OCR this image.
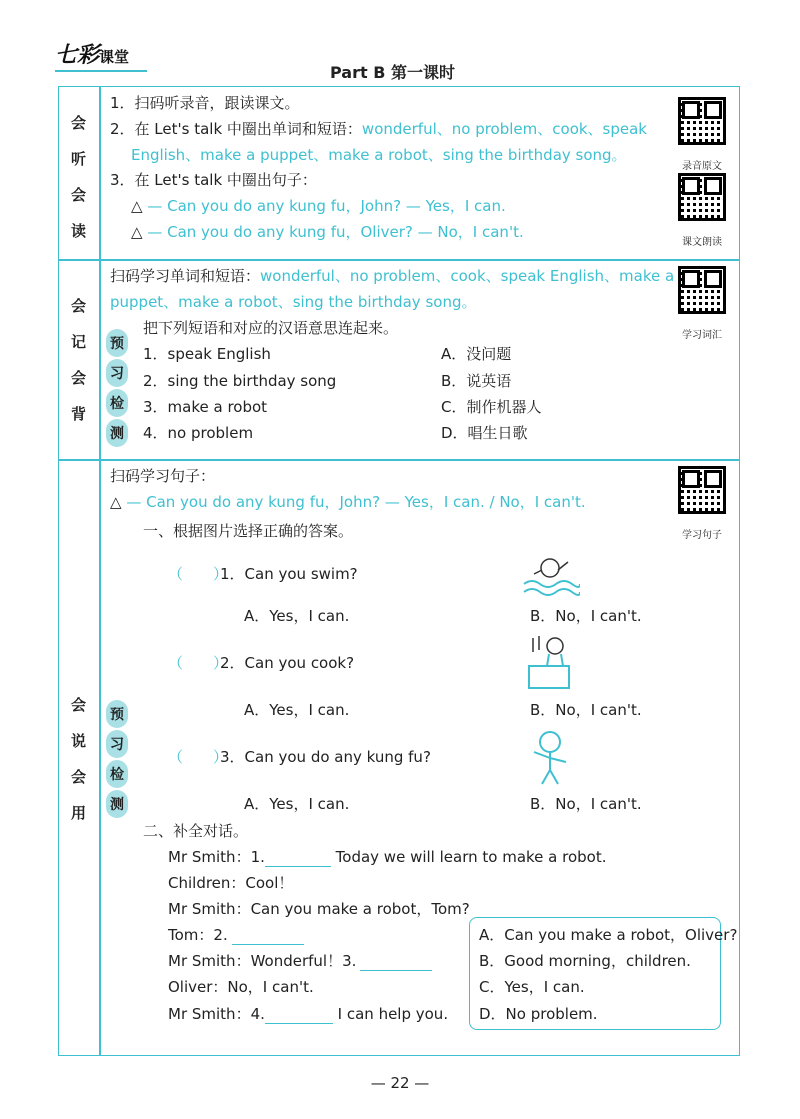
七彩课堂
Part B 第一课时
会
听
会
读
1．扫码听录音，跟读课文。
2．在 Let's talk 中圈出单词和短语：wonderful、no problem、cook、speak
English、make a puppet、make a robot、sing the birthday song。
3．在 Let's talk 中圈出句子：
△ — Can you do any kung fu，John? — Yes，I can.
△ — Can you do any kung fu，Oliver? — No，I can't.
录音原文
课文朗读
会
记
会
背
预
习
检
测
扫码学习单词和短语：wonderful、no problem、cook、speak English、make a
puppet、make a robot、sing the birthday song。
把下列短语和对应的汉语意思连起来。
1．speak English
2．sing the birthday song
3．make a robot
4．no problem
A．没问题
B．说英语
C．制作机器人
D．唱生日歌
学习词汇
会
说
会
用
预
习
检
测
扫码学习句子：
△ — Can you do any kung fu，John? — Yes，I can. / No，I can't.
学习句子
一、根据图片选择正确的答案。
（　　）
1．Can you swim?
A．Yes，I can.	B．No，I can't.
（　　）
2．Can you cook?
A．Yes，I can.	B．No，I can't.
（　　）
3．Can you do any kung fu?
A．Yes，I can.	B．No，I can't.
二、补全对话。
Mr Smith：1.	Today we will learn to make a robot.
Children：Cool！
Mr Smith：Can you make a robot，Tom?
Tom：2.
Mr Smith：Wonderful！3.
Oliver：No，I can't.
Mr Smith：4.	I can help you.
A．Can you make a robot，Oliver?
B．Good morning，children.
C．Yes，I can.
D．No problem.
— 22 —
